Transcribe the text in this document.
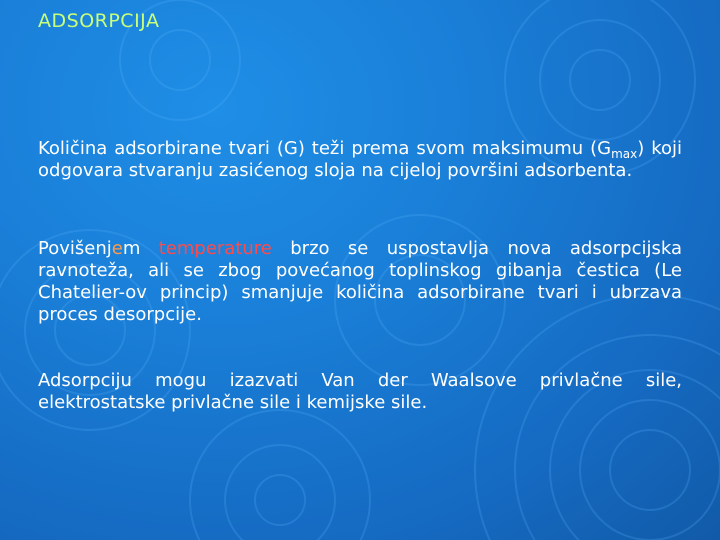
ADSORPCIJA
Količina adsorbirane tvari (G) teži prema svom maksimumu $(G_{max})$ koji odgovara stvaranju zasićenog sloja na cijeloj površini adsorbenta.
Povišenjem temperature brzo se uspostavlja nova adsorpcijska ravnoteža, ali se zbog povećanog toplinskog gibanja čestica (Le Chatelier-ov princip) smanjuje količina adsorbirane tvari i ubrzava proces desorpcije.
Adsorpciju mogu izazvati Van der Waalsove privlačne sile, elektrostatske privlačne sile i kemijske sile.
